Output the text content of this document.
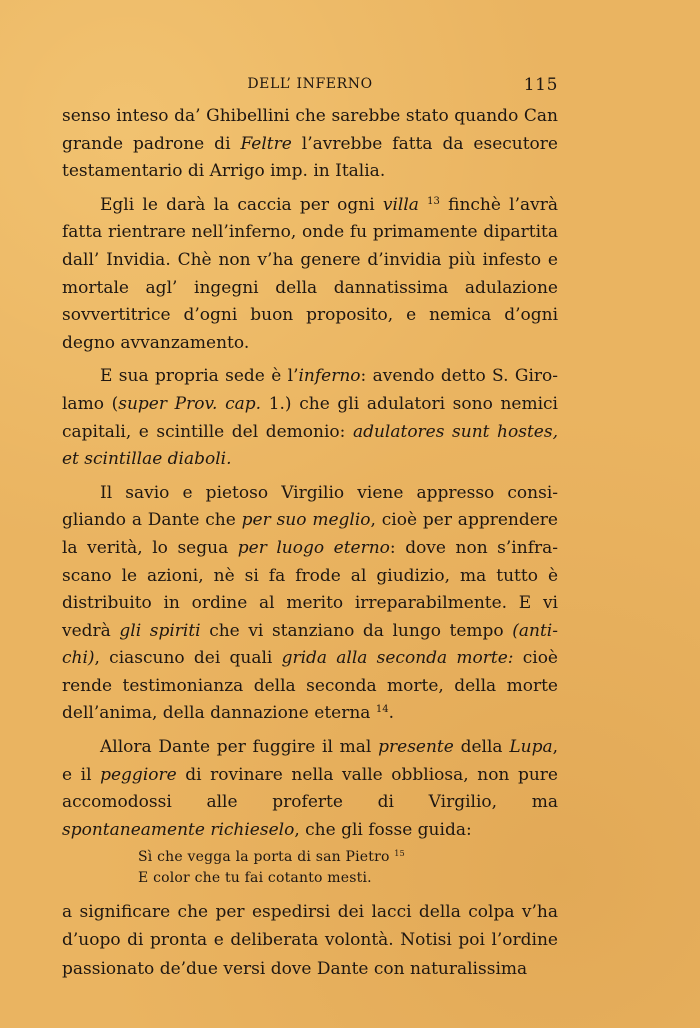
DELL’ INFERNO	115

senso inteso da’ Ghibellini che sarebbe stato quando Can grande padrone di Feltre l’avrebbe fatta da esecutore testamentario di Arrigo imp. in Italia.

Egli le darà la caccia per ogni villa $^{13}$ finchè l’avrà fatta rientrare nell’inferno, onde fu primamente dipartita dall’ Invidia. Chè non v’ha genere d’invidia più infesto e mortale agl’ ingegni della dannatissima adulazione sovvertitrice d’ogni buon proposito, e nemica d’ogni degno avvanzamento.

E sua propria sede è l’inferno: avendo detto S. Girolamo (super Prov. cap. 1.) che gli adulatori sono nemici capitali, e scintille del demonio: adulatores sunt hostes, et scintillae diaboli.

Il savio e pietoso Virgilio viene appresso consigliando a Dante che per suo meglio, cioè per apprendere la verità, lo segua per luogo eterno: dove non s’infrascano le azioni, nè si fa frode al giudizio, ma tutto è distribuito in ordine al merito irreparabilmente. E vi vedrà gli spiriti che vi stanziano da lungo tempo (antichi), ciascuno dei quali grida alla seconda morte: cioè rende testimonianza della seconda morte, della morte dell’anima, della dannazione eterna $^{14}$.

Allora Dante per fuggire il mal presente della Lupa, e il peggiore di rovinare nella valle obbliosa, non pure accomodossi alle proferte di Virgilio, ma spontaneamente richieselo, che gli fosse guida:

Sì che vegga la porta di san Pietro $^{15}$
E color che tu fai cotanto mesti.

a significare che per espedirsi dei lacci della colpa v’ha d’uopo di pronta e deliberata volontà. Notisi poi l’ordine passionato de’due versi dove Dante con naturalissima
